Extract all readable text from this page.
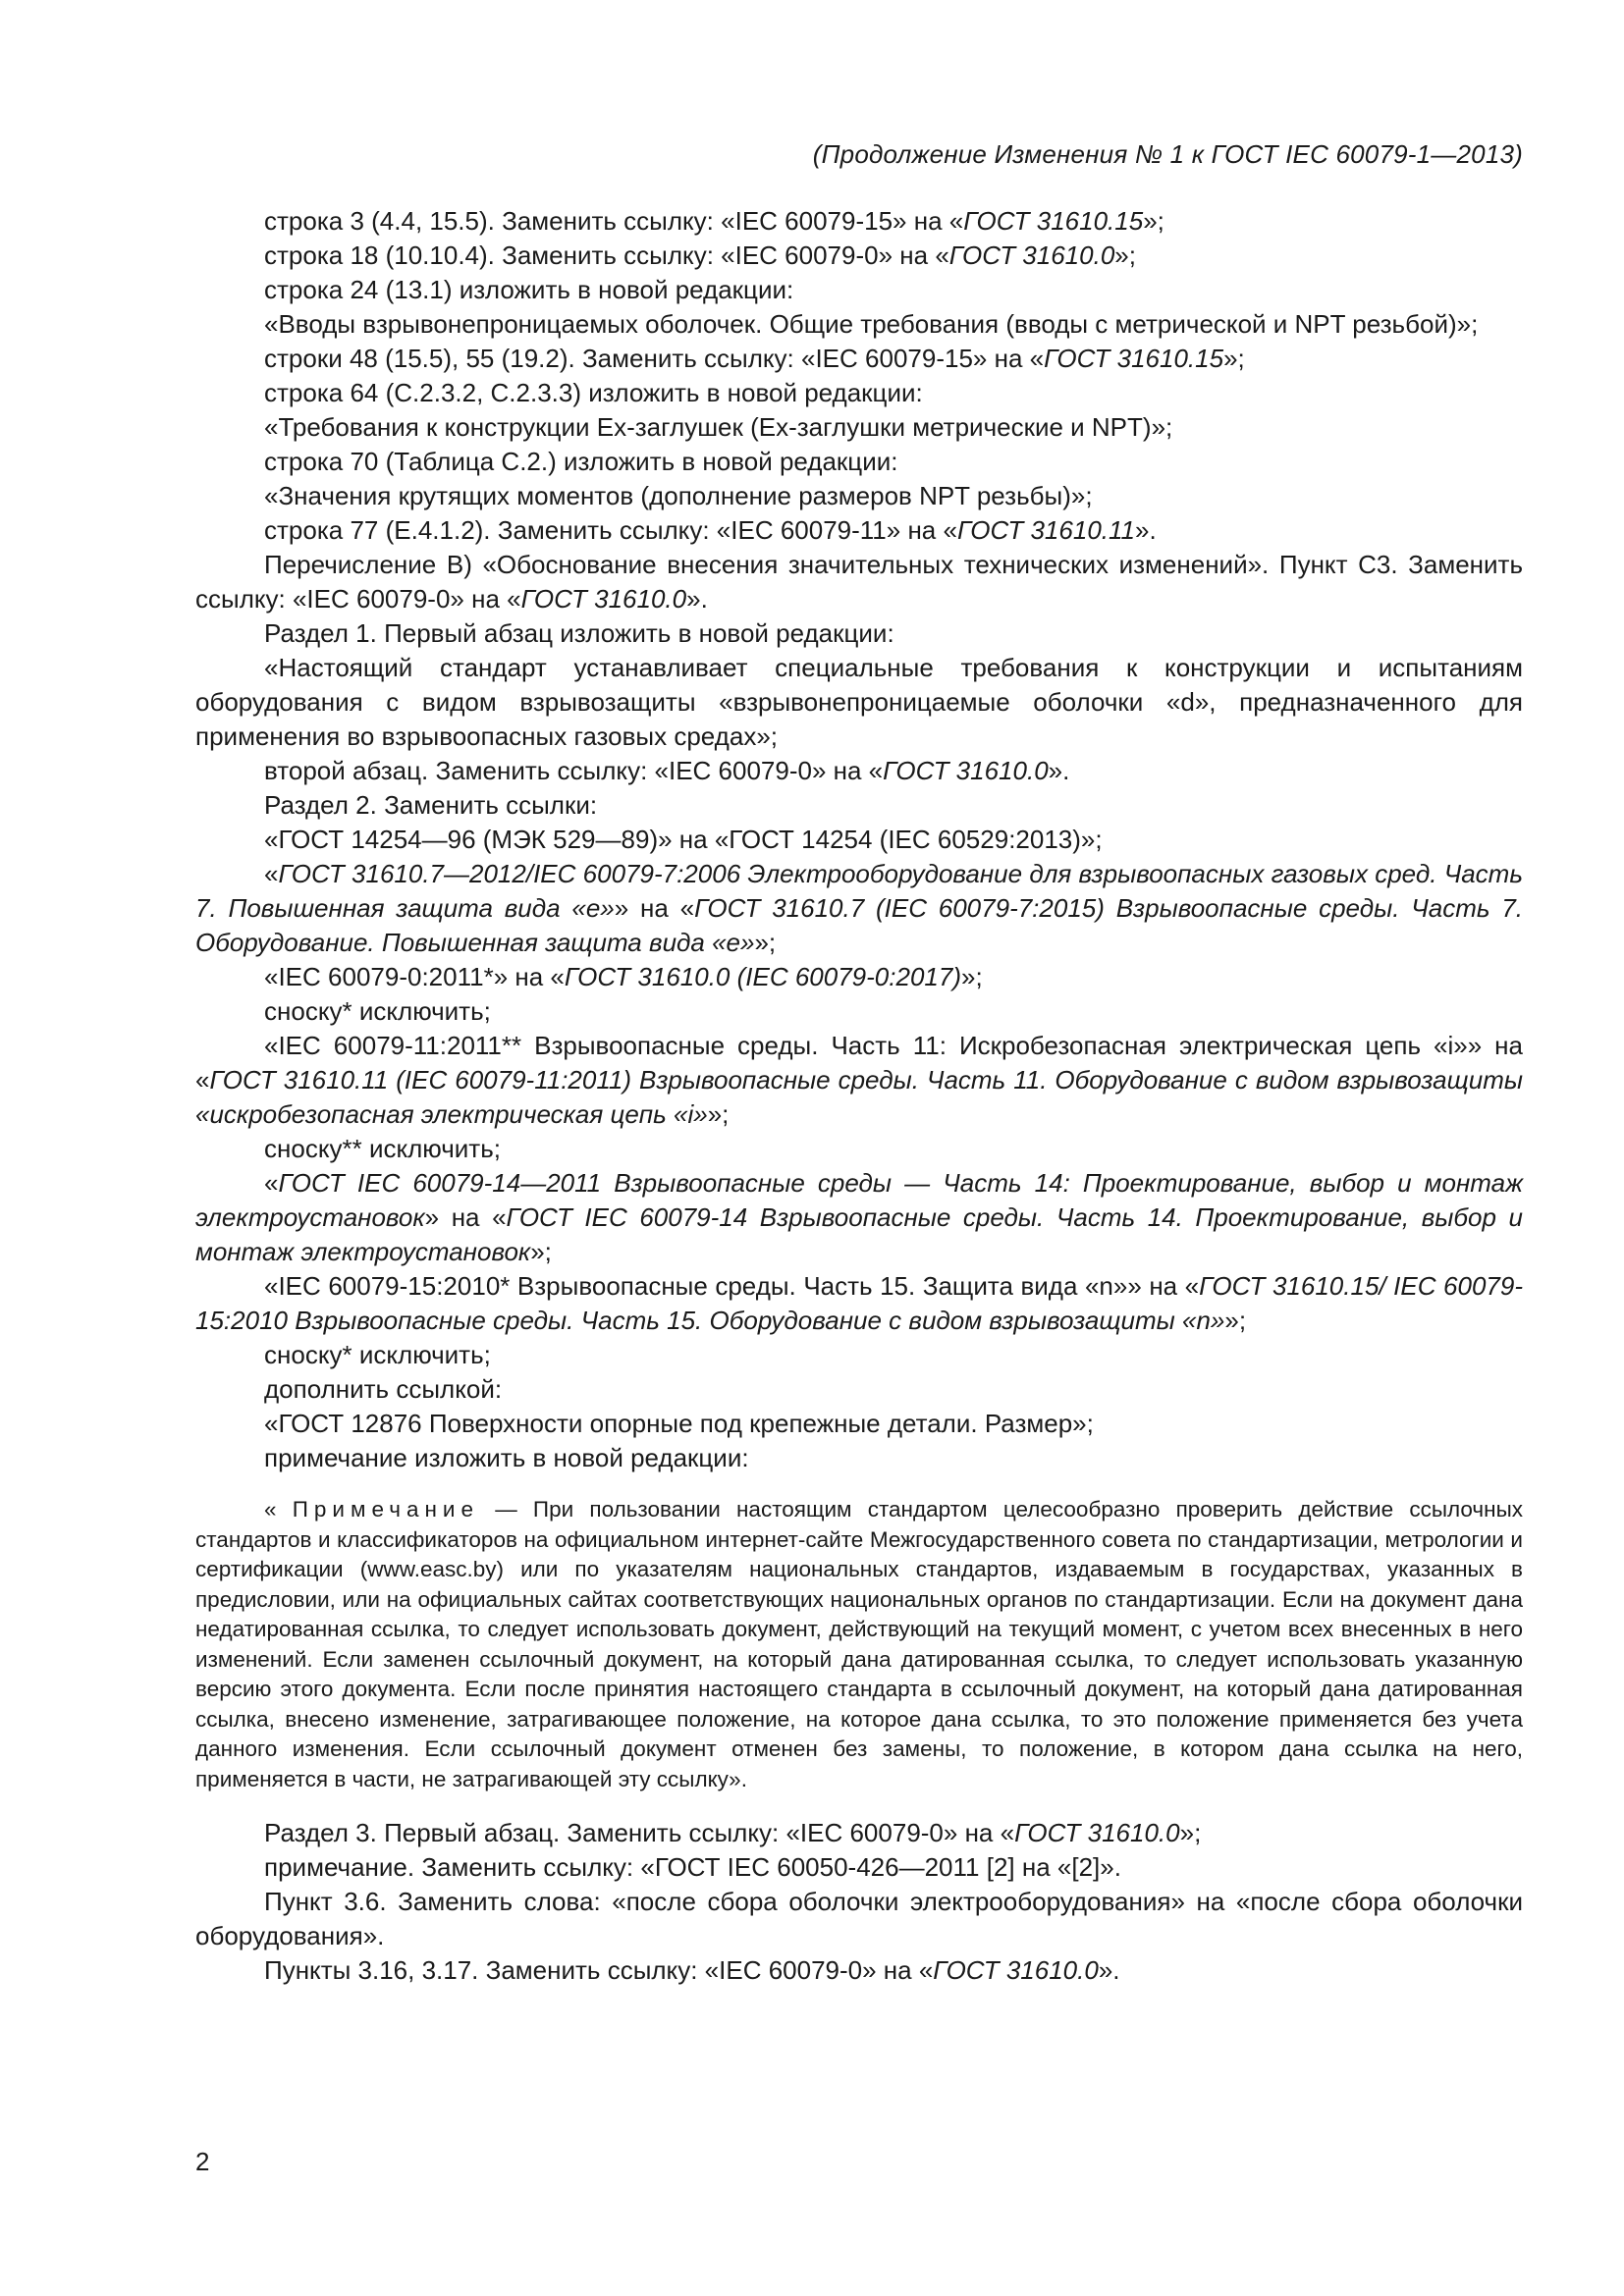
(Продолжение Изменения № 1 к ГОСТ IEC 60079-1—2013)

строка 3 (4.4, 15.5). Заменить ссылку: «IEC 60079-15» на «ГОСТ 31610.15»;

строка 18 (10.10.4). Заменить ссылку: «IEC 60079-0» на «ГОСТ 31610.0»;

строка 24 (13.1) изложить в новой редакции:

«Вводы взрывонепроницаемых оболочек. Общие требования (вводы с метрической и NPT резьбой)»;

строки 48 (15.5), 55 (19.2). Заменить ссылку: «IEC 60079-15» на «ГОСТ 31610.15»;

строка 64 (С.2.3.2, С.2.3.3) изложить в новой редакции:

«Требования к конструкции Ex-заглушек (Ex-заглушки метрические и NPT)»;

строка 70 (Таблица С.2.) изложить в новой редакции:

«Значения крутящих моментов (дополнение размеров NPT резьбы)»;

строка 77 (Е.4.1.2). Заменить ссылку: «IEC 60079-11» на «ГОСТ 31610.11».

Перечисление В) «Обоснование внесения значительных технических изменений». Пункт С3. Заменить ссылку: «IEC 60079-0» на «ГОСТ 31610.0».

Раздел 1. Первый абзац изложить в новой редакции:

«Настоящий стандарт устанавливает специальные требования к конструкции и испытаниям оборудования с видом взрывозащиты «взрывонепроницаемые оболочки «d», предназначенного для применения во взрывоопасных газовых средах»;

второй абзац. Заменить ссылку: «IEC 60079-0» на «ГОСТ 31610.0».

Раздел 2. Заменить ссылки:

«ГОСТ 14254—96 (МЭК 529—89)» на «ГОСТ 14254 (IEC 60529:2013)»;

«ГОСТ 31610.7—2012/IEC 60079-7:2006 Электрооборудование для взрывоопасных газовых сред. Часть 7. Повышенная защита вида «е»» на «ГОСТ 31610.7 (IEC 60079-7:2015) Взрывоопасные среды. Часть 7. Оборудование. Повышенная защита вида «е»»;

«IEC 60079-0:2011*» на «ГОСТ 31610.0 (IEC 60079-0:2017)»;

сноску* исключить;

«IEC 60079-11:2011** Взрывоопасные среды. Часть 11: Искробезопасная электрическая цепь «i»» на «ГОСТ 31610.11 (IEC 60079-11:2011) Взрывоопасные среды. Часть 11. Оборудование с видом взрывозащиты «искробезопасная электрическая цепь «i»»;

сноску** исключить;

«ГОСТ IEC 60079-14—2011 Взрывоопасные среды — Часть 14: Проектирование, выбор и монтаж электроустановок» на «ГОСТ IEC 60079-14 Взрывоопасные среды. Часть 14. Проектирование, выбор и монтаж электроустановок»;

«IEC 60079-15:2010* Взрывоопасные среды. Часть 15. Защита вида «n»» на «ГОСТ 31610.15/ IEC 60079-15:2010 Взрывоопасные среды. Часть 15. Оборудование с видом взрывозащиты «n»»;

сноску* исключить;

дополнить ссылкой:

«ГОСТ 12876 Поверхности опорные под крепежные детали. Размер»;

примечание изложить в новой редакции:

« Примечание — При пользовании настоящим стандартом целесообразно проверить действие ссылочных стандартов и классификаторов на официальном интернет-сайте Межгосударственного совета по стандартизации, метрологии и сертификации (www.easc.by) или по указателям национальных стандартов, издаваемым в государствах, указанных в предисловии, или на официальных сайтах соответствующих национальных органов по стандартизации. Если на документ дана недатированная ссылка, то следует использовать документ, действующий на текущий момент, с учетом всех внесенных в него изменений. Если заменен ссылочный документ, на который дана датированная ссылка, то следует использовать указанную версию этого документа. Если после принятия настоящего стандарта в ссылочный документ, на который дана датированная ссылка, внесено изменение, затрагивающее положение, на которое дана ссылка, то это положение применяется без учета данного изменения. Если ссылочный документ отменен без замены, то положение, в котором дана ссылка на него, применяется в части, не затрагивающей эту ссылку».

Раздел 3. Первый абзац. Заменить ссылку: «IEC 60079-0» на «ГОСТ 31610.0»;

примечание. Заменить ссылку: «ГОСТ IEC 60050-426—2011 [2] на «[2]».

Пункт 3.6. Заменить слова: «после сбора оболочки электрооборудования» на «после сбора оболочки оборудования».

Пункты 3.16, 3.17. Заменить ссылку: «IEC 60079-0» на «ГОСТ 31610.0».

2
